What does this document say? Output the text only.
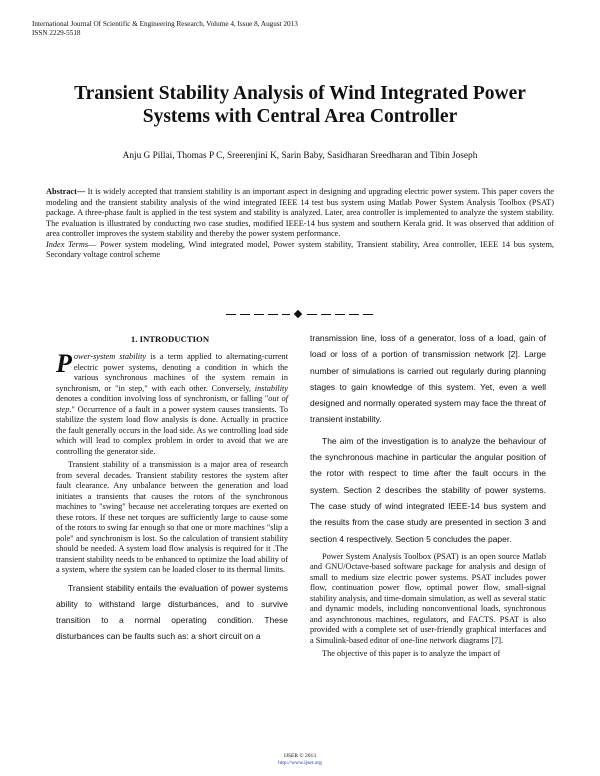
International Journal Of Scientific & Engineering Research, Volume 4, Issue 8, August 2013
ISSN 2229-5518
Transient Stability Analysis of Wind Integrated Power
Systems with Central Area Controller
Anju G Pillai, Thomas P C, Sreerenjini K, Sarin Baby, Sasidharan Sreedharan and Tibin Joseph
Abstract— It is widely accepted that transient stability is an important aspect in designing and upgrading electric power system. This paper covers the modeling and the transient stability analysis of the wind integrated IEEE 14 test bus system using Matlab Power System Analysis Toolbox (PSAT) package. A three-phase fault is applied in the test system and stability is analyzed. Later, area controller is implemented to analyze the system stability. The evaluation is illustrated by conducting two case studies, modified IEEE-14 bus system and southern Kerala grid. It was observed that addition of area controller improves the system stability and thereby the power system performance.
Index Terms— Power system modeling, Wind integrated model, Power system stability, Transient stability, Area controller, IEEE 14 bus system, Secondary voltage control scheme
1. INTRODUCTION

Power-system stability is a term applied to alternating-current electric power systems, denoting a condition in which the various synchronous machines of the system remain in synchronism, or "in step," with each other. Conversely, instability denotes a condition involving loss of synchronism, or falling "out of step." Occurrence of a fault in a power system causes transients. To stabilize the system load flow analysis is done. Actually in practice the fault generally occurs in the load side. As we controlling load side which will lead to complex problem in order to avoid that we are controlling the generator side.

Transient stability of a transmission is a major area of research from several decades. Transient stability restores the system after fault clearance. Any unbalance between the generation and load initiates a transients that causes the rotors of the synchronous machines to "swing" because net accelerating torques are exerted on these rotors. If these net torques are sufficiently large to cause some of the rotors to swing far enough so that one or more machines "slip a pole" and synchronism is lost. So the calculation of transient stability should be needed. A system load flow analysis is required for it .The transient stability needs to be enhanced to optimize the load ability of a system, where the system can be loaded closer to its thermal limits.

Transient stability entails the evaluation of power systems ability to withstand large disturbances, and to survive transition to a normal operating condition. These disturbances can be faults such as: a short circuit on a

transmission line, loss of a generator, loss of a load, gain of load or loss of a portion of transmission network [2]. Large number of simulations is carried out regularly during planning stages to gain knowledge of this system. Yet, even a well designed and normally operated system may face the threat of transient instability.

The aim of the investigation is to analyze the behaviour of the synchronous machine in particular the angular position of the rotor with respect to time after the fault occurs in the system. Section 2 describes the stability of power systems. The case study of wind integrated IEEE-14 bus system and the results from the case study are presented in section 3 and section 4 respectively. Section 5 concludes the paper.

Power System Analysis Toolbox (PSAT) is an open source Matlab and GNU/Octave-based software package for analysis and design of small to medium size electric power systems. PSAT includes power flow, continuation power flow, optimal power flow, small-signal stability analysis, and time-domain simulation, as well as several static and dynamic models, including nonconventional loads, synchronous and asynchronous machines, regulators, and FACTS. PSAT is also provided with a complete set of user-friendly graphical interfaces and a Simulink-based editor of one-line network diagrams [7].

The objective of this paper is to analyze the impact of

IJSER © 2013
http://www.ijser.org
